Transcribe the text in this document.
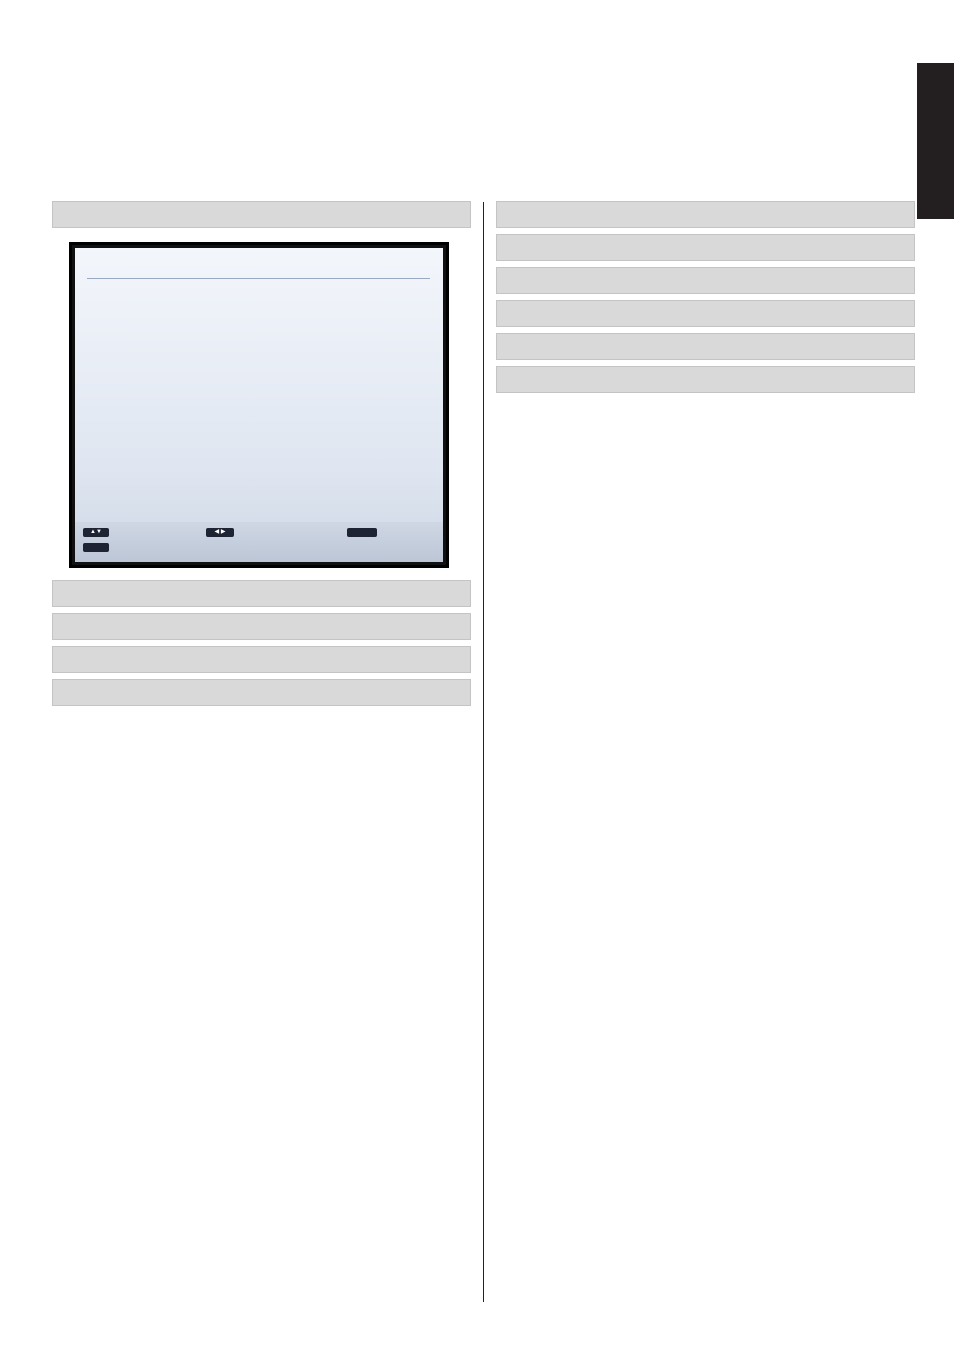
▲▼	◀ ▶
